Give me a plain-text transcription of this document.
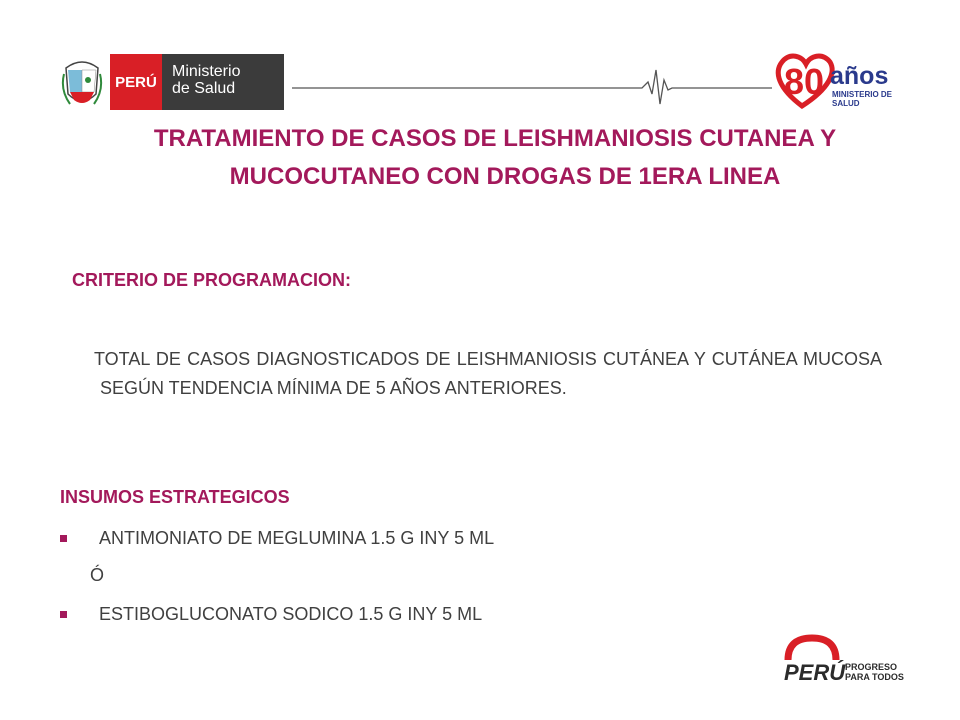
PERÚ
Ministerio
de Salud	80 años
MINISTERIO DE SALUD
TRATAMIENTO DE CASOS DE LEISHMANIOSIS CUTANEA Y
MUCOCUTANEO CON DROGAS DE 1ERA LINEA
CRITERIO DE PROGRAMACION:
TOTAL DE CASOS DIAGNOSTICADOS DE LEISHMANIOSIS CUTÁNEA Y CUTÁNEA MUCOSA SEGÚN TENDENCIA MÍNIMA DE 5 AÑOS ANTERIORES.
INSUMOS ESTRATEGICOS
ANTIMONIATO DE MEGLUMINA 1.5 G INY 5 ML
Ó
ESTIBOGLUCONATO SODICO 1.5 G INY 5 ML
PERÚ PROGRESO
PARA TODOS
